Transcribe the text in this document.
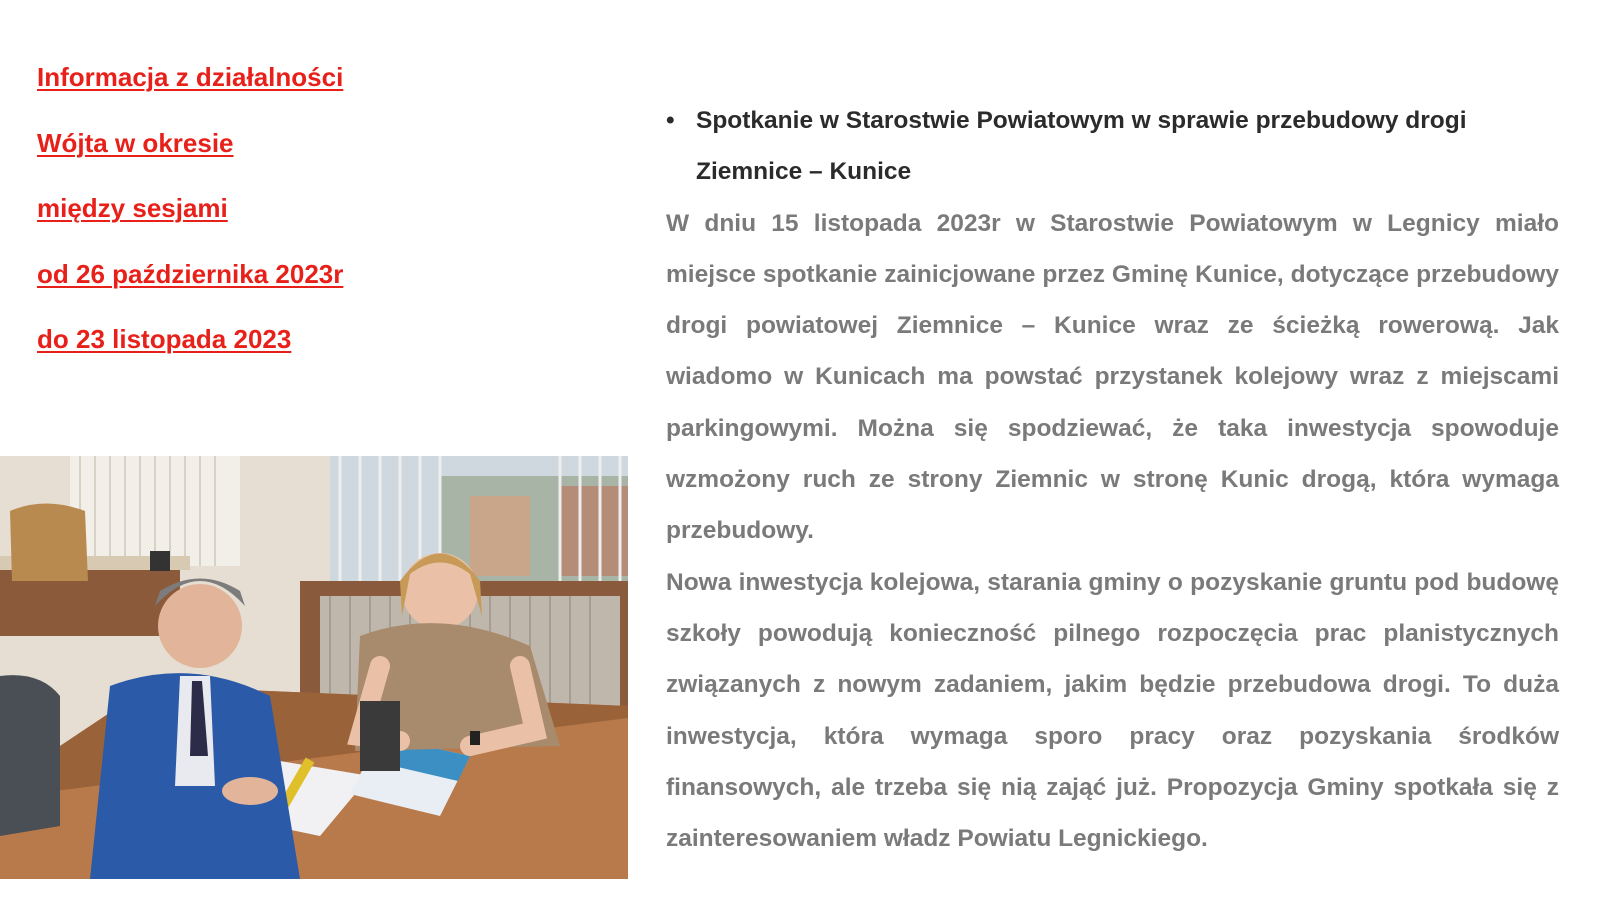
Informacja z działalności
Wójta w okresie
między sesjami
od 26 października 2023r
do 23 listopada 2023
• Spotkanie w Starostwie Powiatowym w sprawie przebudowy drogi Ziemnice – Kunice

W dniu 15 listopada 2023r w Starostwie Powiatowym w Legnicy miało miejsce spotkanie zainicjowane przez Gminę Kunice, dotyczące przebudowy drogi powiatowej Ziemnice – Kunice wraz ze ścieżką rowerową. Jak wiadomo w Kunicach ma powstać przystanek kolejowy wraz z miejscami parkingowymi. Można się spodziewać, że taka inwestycja spowoduje wzmożony ruch ze strony Ziemnic w stronę Kunic drogą, która wymaga przebudowy.

Nowa inwestycja kolejowa, starania gminy o pozyskanie gruntu pod budowę szkoły powodują konieczność pilnego rozpoczęcia prac planistycznych związanych z nowym zadaniem, jakim będzie przebudowa drogi. To duża inwestycja, która wymaga sporo pracy oraz pozyskania środków finansowych, ale trzeba się nią zająć już. Propozycja Gminy spotkała się z zainteresowaniem władz Powiatu Legnickiego.
